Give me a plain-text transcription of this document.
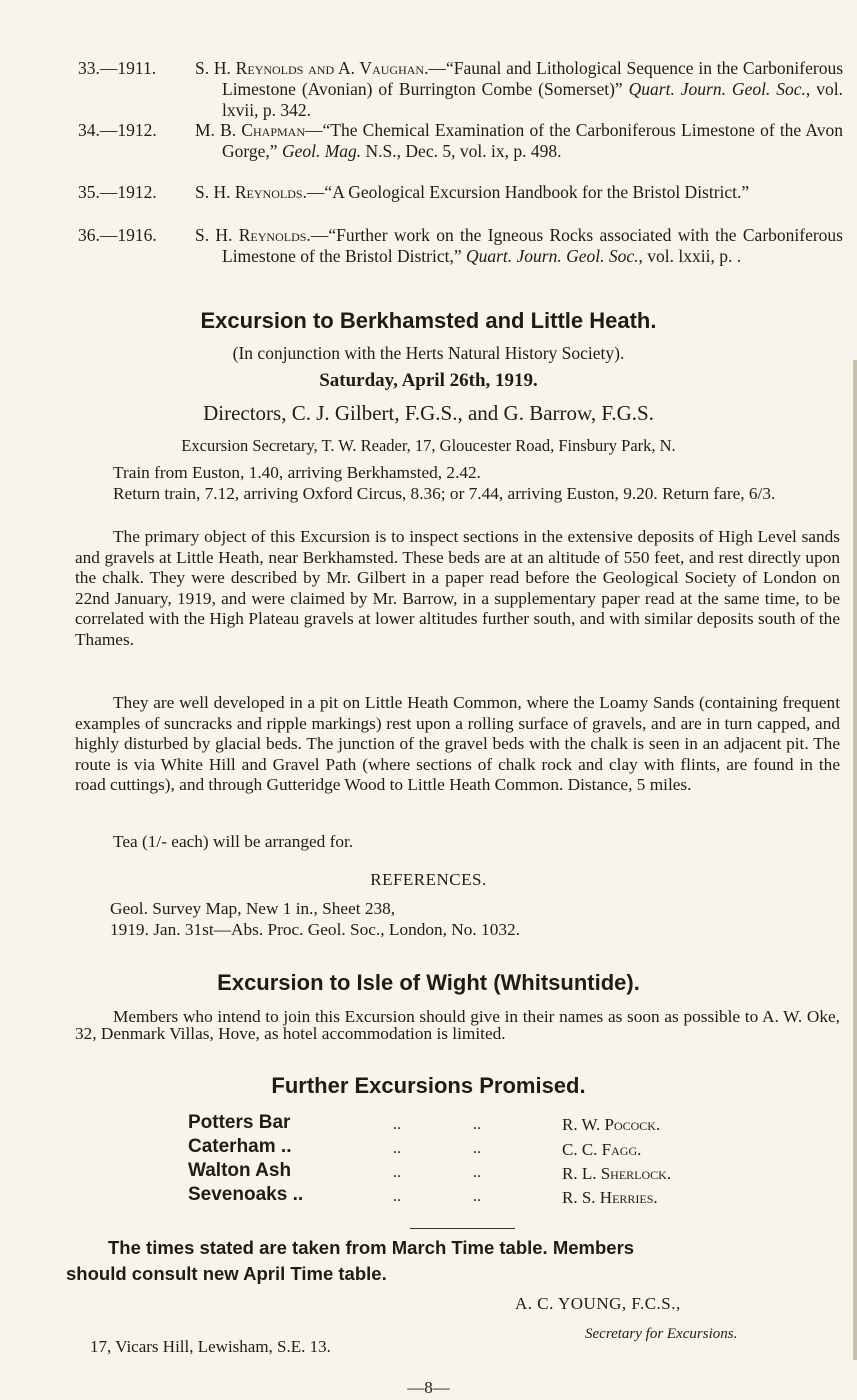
33.—1911. S. H. Reynolds and A. Vaughan.—“Faunal and Lithological Sequence in the Carboniferous Limestone (Avonian) of Burrington Combe (Somerset)” Quart. Journ. Geol. Soc., vol. lxvii, p. 342.
34.—1912. M. B. Chapman—“The Chemical Examination of the Carboniferous Limestone of the Avon Gorge,” Geol. Mag. N.S., Dec. 5, vol. ix, p. 498.
35.—1912. S. H. Reynolds.—“A Geological Excursion Handbook for the Bristol District.”
36.—1916. S. H. Reynolds.—“Further work on the Igneous Rocks associated with the Carboniferous Limestone of the Bristol District,” Quart. Journ. Geol. Soc., vol. lxxii, p. .
Excursion to Berkhamsted and Little Heath.
(In conjunction with the Herts Natural History Society).
Saturday, April 26th, 1919.
Directors, C. J. Gilbert, F.G.S., and G. Barrow, F.G.S.
Excursion Secretary, T. W. Reader, 17, Gloucester Road, Finsbury Park, N.
Train from Euston, 1.40, arriving Berkhamsted, 2.42.
Return train, 7.12, arriving Oxford Circus, 8.36; or 7.44, arriving Euston, 9.20. Return fare, 6/3.
The primary object of this Excursion is to inspect sections in the extensive deposits of High Level sands and gravels at Little Heath, near Berkhamsted. These beds are at an altitude of 550 feet, and rest directly upon the chalk. They were described by Mr. Gilbert in a paper read before the Geological Society of London on 22nd January, 1919, and were claimed by Mr. Barrow, in a supplementary paper read at the same time, to be correlated with the High Plateau gravels at lower altitudes further south, and with similar deposits south of the Thames.
They are well developed in a pit on Little Heath Common, where the Loamy Sands (containing frequent examples of suncracks and ripple markings) rest upon a rolling surface of gravels, and are in turn capped, and highly disturbed by glacial beds. The junction of the gravel beds with the chalk is seen in an adjacent pit. The route is via White Hill and Gravel Path (where sections of chalk rock and clay with flints, are found in the road cuttings), and through Gutteridge Wood to Little Heath Common. Distance, 5 miles.
Tea (1/- each) will be arranged for.
REFERENCES.
Geol. Survey Map, New 1 in., Sheet 238,
1919. Jan. 31st—Abs. Proc. Geol. Soc., London, No. 1032.
Excursion to Isle of Wight (Whitsuntide).
Members who intend to join this Excursion should give in their names as soon as possible to A. W. Oke, 32, Denmark Villas, Hove, as hotel accommodation is limited.
Further Excursions Promised.
Potters Bar	..	..	R. W. Pocock.
Caterham ..	..	..	C. C. Fagg.
Walton Ash	..	..	R. L. Sherlock.
Sevenoaks ..	..	..	R. S. Herries.
The times stated are taken from March Time table. Members
should consult new April Time table.
A. C. YOUNG, F.C.S.,
Secretary for Excursions.
17, Vicars Hill, Lewisham, S.E. 13.
—8—
